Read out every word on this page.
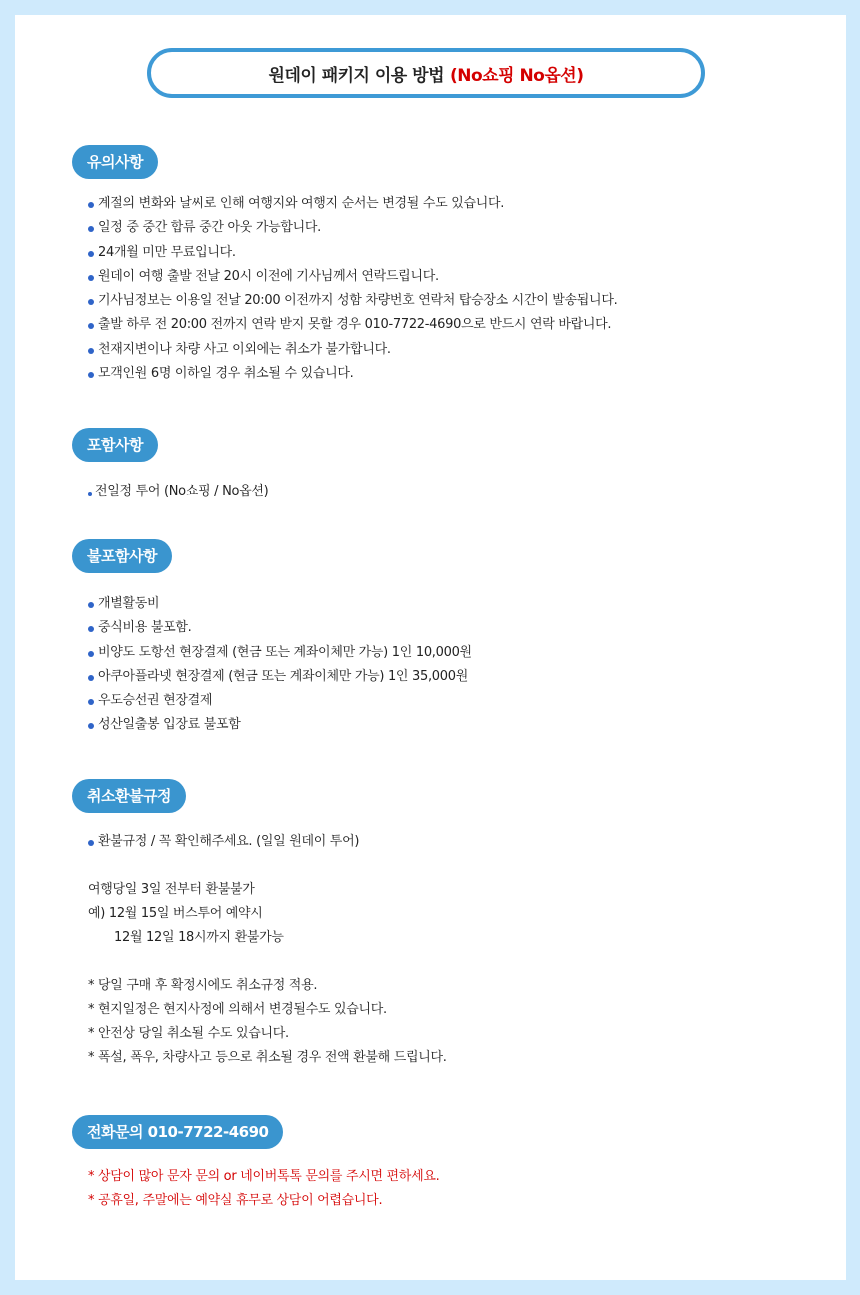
원데이 패키지 이용 방법 (No쇼핑 No옵션)
유의사항
계절의 변화와 날씨로 인해 여행지와 여행지 순서는 변경될 수도 있습니다.
일정 중 중간 합류 중간 아웃 가능합니다.
24개월 미만 무료입니다.
원데이 여행 출발 전날 20시 이전에 기사님께서 연락드립니다.
기사님정보는 이용일 전날 20:00 이전까지 성함 차량번호 연락처 탑승장소 시간이 발송됩니다.
출발 하루 전 20:00 전까지 연락 받지 못할 경우 010-7722-4690으로 반드시 연락 바랍니다.
천재지변이나 차량 사고 이외에는 취소가 불가합니다.
모객인원 6명 이하일 경우 취소될 수 있습니다.
포함사항
전일정 투어 (No쇼핑 / No옵션)
불포함사항
개별활동비
중식비용 불포함.
비양도 도항선 현장결제 (현금 또는 계좌이체만 가능) 1인 10,000원
아쿠아플라넷 현장결제 (현금 또는 계좌이체만 가능) 1인 35,000원
우도승선권 현장결제
성산일출봉 입장료 불포함
취소환불규정
환불규정 / 꼭 확인해주세요. (일일 원데이 투어)
여행당일 3일 전부터 환불불가
예) 12월 15일 버스투어 예약시
12월 12일 18시까지 환불가능
* 당일 구매 후 확정시에도 취소규정 적용.
* 현지일정은 현지사정에 의해서 변경될수도 있습니다.
* 안전상 당일 취소될 수도 있습니다.
* 폭설, 폭우, 차량사고 등으로 취소될 경우 전액 환불해 드립니다.
전화문의 010-7722-4690
* 상담이 많아 문자 문의 or 네이버톡톡 문의를 주시면 편하세요.
* 공휴일, 주말에는 예약실 휴무로 상담이 어렵습니다.
